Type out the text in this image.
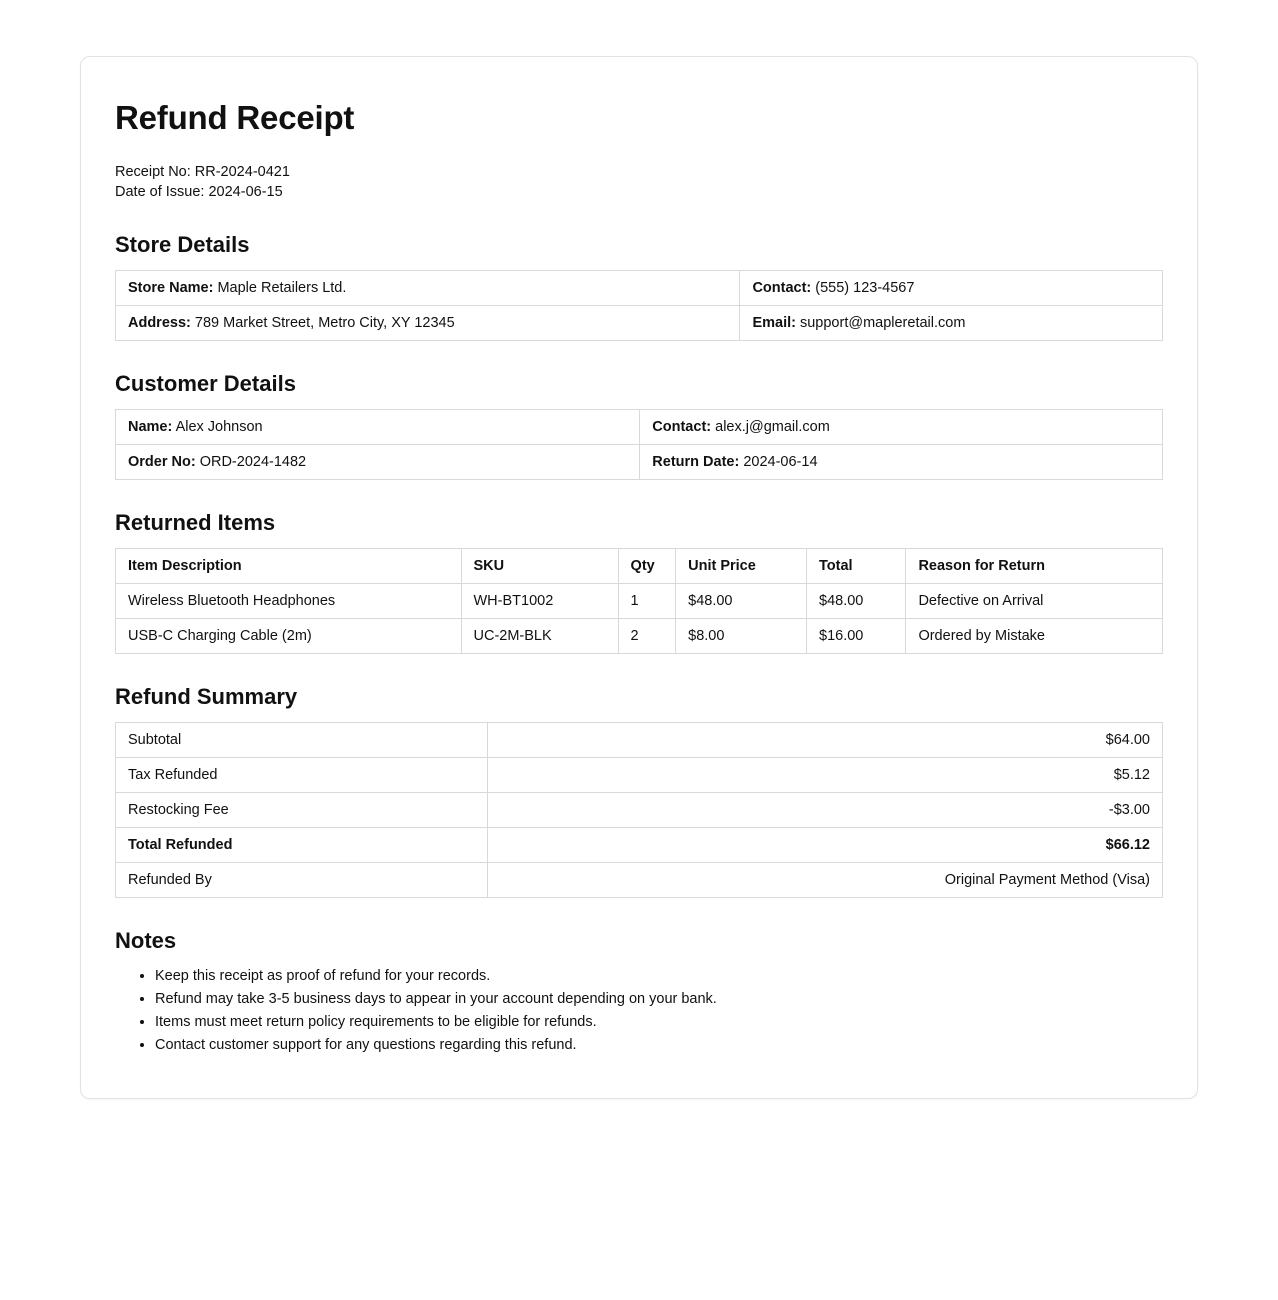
Refund Receipt

Receipt No: RR-2024-0421

Date of Issue: 2024-06-15

Store Details
Store Name: Maple Retailers Ltd.	Contact: (555) 123-4567
Address: 789 Market Street, Metro City, XY 12345	Email: support@mapleretail.com
Customer Details
Name: Alex Johnson	Contact: alex.j@gmail.com
Order No: ORD-2024-1482	Return Date: 2024-06-14
Returned Items
Item Description	SKU	Qty	Unit Price	Total	Reason for Return
Wireless Bluetooth Headphones	WH-BT1002	1	$48.00	$48.00	Defective on Arrival
USB-C Charging Cable (2m)	UC-2M-BLK	2	$8.00	$16.00	Ordered by Mistake
Refund Summary
Subtotal	$64.00
Tax Refunded	$5.12
Restocking Fee	-$3.00
Total Refunded	$66.12
Refunded By	Original Payment Method (Visa)
Notes
• Keep this receipt as proof of refund for your records.
• Refund may take 3-5 business days to appear in your account depending on your bank.
• Items must meet return policy requirements to be eligible for refunds.
• Contact customer support for any questions regarding this refund.
